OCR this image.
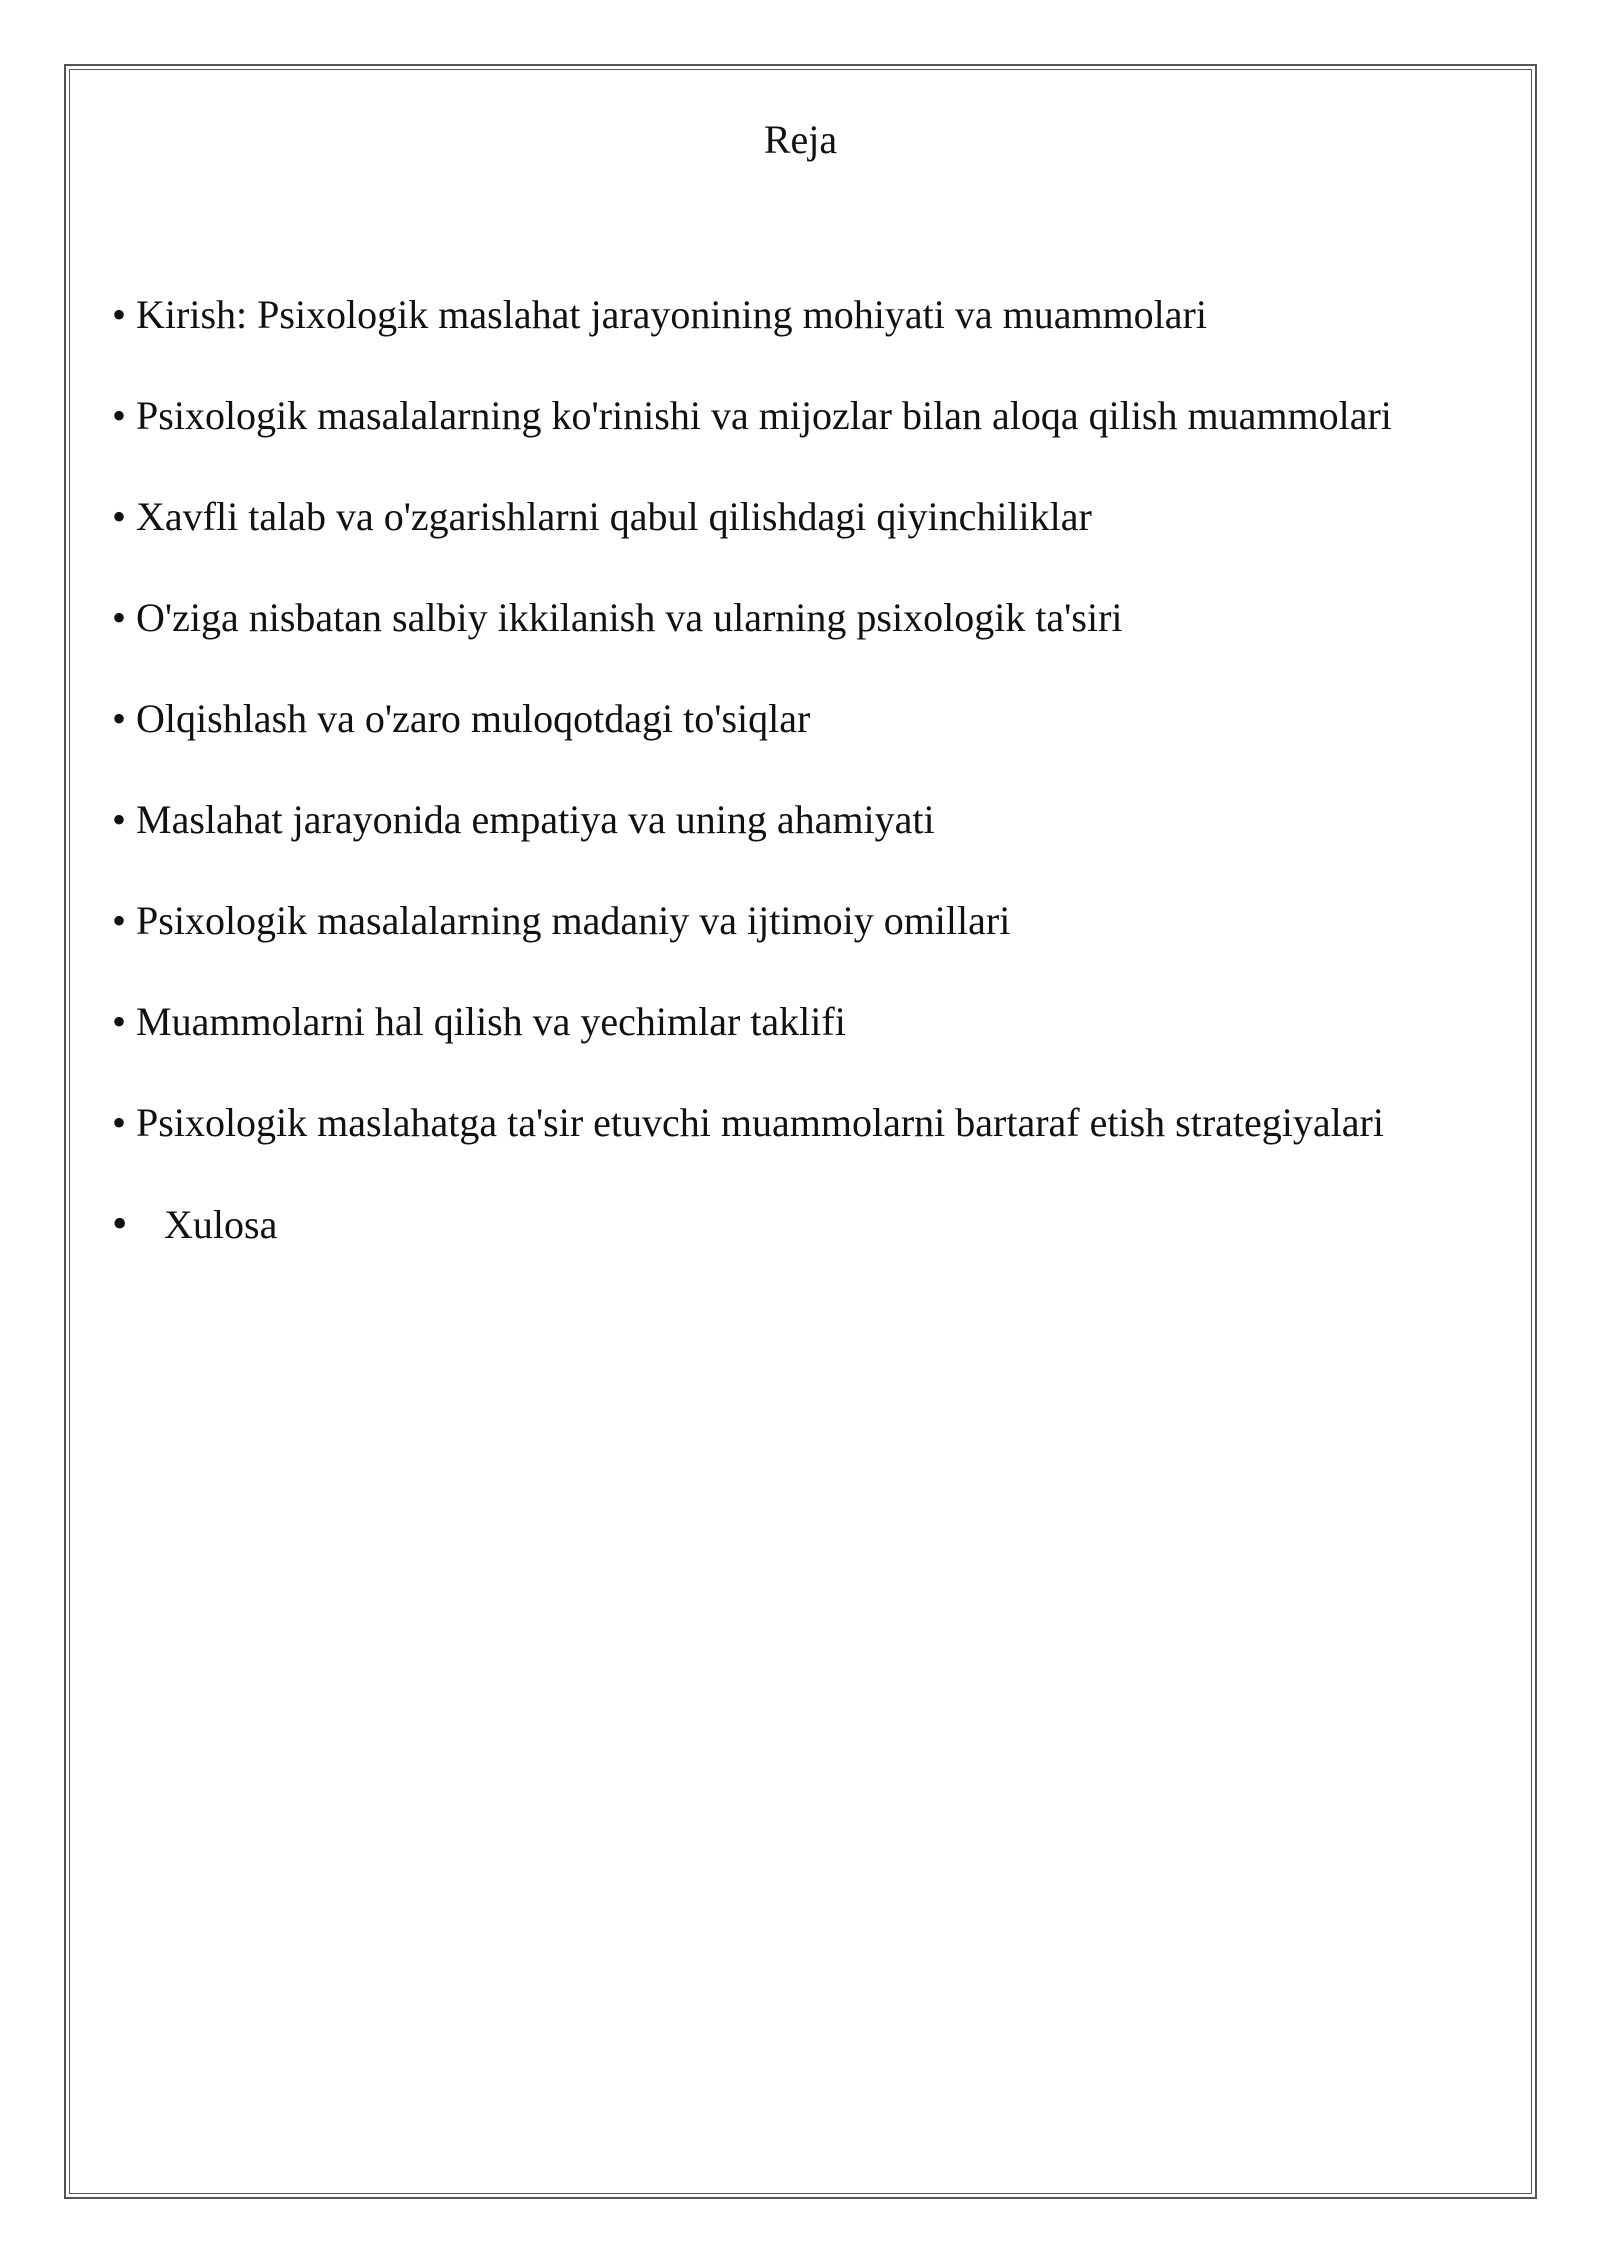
Reja
• Kirish: Psixologik maslahat jarayonining mohiyati va muammolari
• Psixologik masalalarning ko'rinishi va mijozlar bilan aloqa qilish muammolari
• Xavfli talab va o'zgarishlarni qabul qilishdagi qiyinchiliklar
• O'ziga nisbatan salbiy ikkilanish va ularning psixologik ta'siri
• Olqishlash va o'zaro muloqotdagi to'siqlar
• Maslahat jarayonida empatiya va uning ahamiyati
• Psixologik masalalarning madaniy va ijtimoiy omillari
• Muammolarni hal qilish va yechimlar taklifi
• Psixologik maslahatga ta'sir etuvchi muammolarni bartaraf etish strategiyalari
• Xulosa
